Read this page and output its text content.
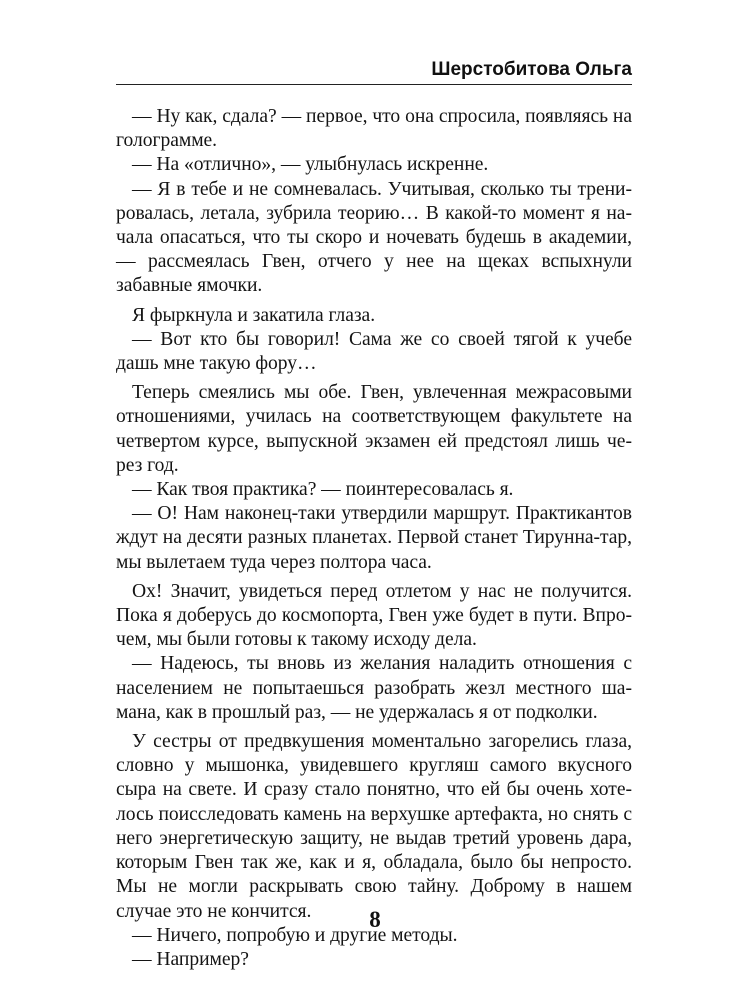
Шерстобитова Ольга

— Ну как, сдала? — первое, что она спросила, появляясь на голограмме.

— На «отлично», — улыбнулась искренне.

— Я в тебе и не сомневалась. Учитывая, сколько ты тренировалась, летала, зубрила теорию… В какой-то момент я начала опасаться, что ты скоро и ночевать будешь в академии, — рассмеялась Гвен, отчего у нее на щеках вспыхнули забавные ямочки.

Я фыркнула и закатила глаза.

— Вот кто бы говорил! Сама же со своей тягой к учебе дашь мне такую фору…

Теперь смеялись мы обе. Гвен, увлеченная межрасовыми отношениями, училась на соответствующем факультете на четвертом курсе, выпускной экзамен ей предстоял лишь через год.

— Как твоя практика? — поинтересовалась я.

— О! Нам наконец-таки утвердили маршрут. Практикантов ждут на десяти разных планетах. Первой станет Тирунна-тар, мы вылетаем туда через полтора часа.

Ох! Значит, увидеться перед отлетом у нас не получится. Пока я доберусь до космопорта, Гвен уже будет в пути. Впрочем, мы были готовы к такому исходу дела.

— Надеюсь, ты вновь из желания наладить отношения с населением не попытаешься разобрать жезл местного шамана, как в прошлый раз, — не удержалась я от подколки.

У сестры от предвкушения моментально загорелись глаза, словно у мышонка, увидевшего кругляш самого вкусного сыра на свете. И сразу стало понятно, что ей бы очень хотелось поисследовать камень на верхушке артефакта, но снять с него энергетическую защиту, не выдав третий уровень дара, которым Гвен так же, как и я, обладала, было бы непросто. Мы не могли раскрывать свою тайну. Доброму в нашем случае это не кончится.

— Ничего, попробую и другие методы.

— Например?

8
